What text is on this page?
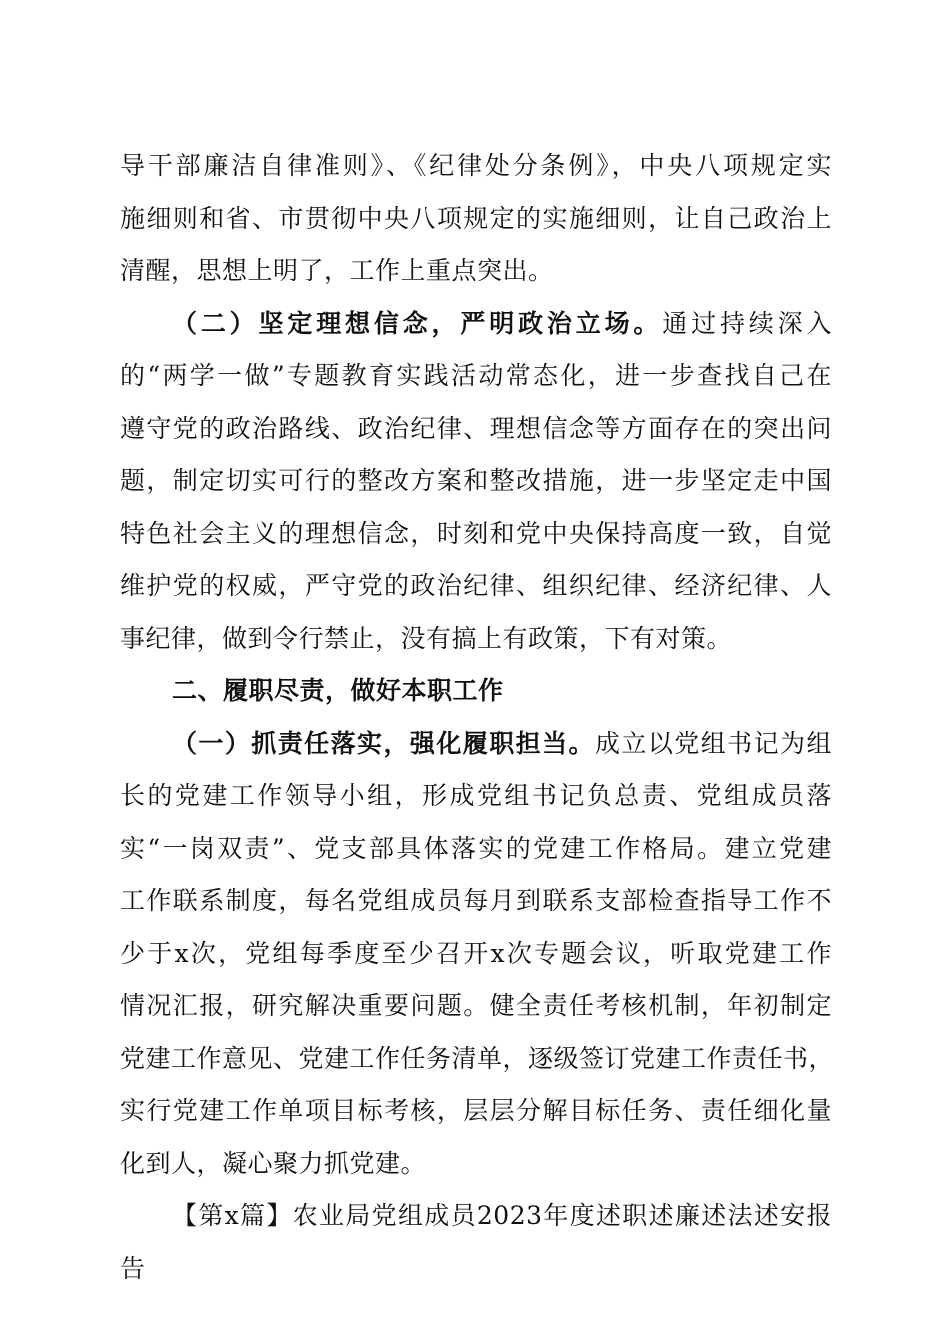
导干部廉洁自律准则》、《纪律处分条例》，中央八项规定实
施细则和省、市贯彻中央八项规定的实施细则，让自己政治上
清醒，思想上明了，工作上重点突出。
（二）坚定理想信念，严明政治立场。通过持续深入
的“两学一做”专题教育实践活动常态化，进一步查找自己在
遵守党的政治路线、政治纪律、理想信念等方面存在的突出问
题，制定切实可行的整改方案和整改措施，进一步坚定走中国
特色社会主义的理想信念，时刻和党中央保持高度一致，自觉
维护党的权威，严守党的政治纪律、组织纪律、经济纪律、人
事纪律，做到令行禁止，没有搞上有政策，下有对策。
二、履职尽责，做好本职工作
（一）抓责任落实，强化履职担当。成立以党组书记为组
长的党建工作领导小组，形成党组书记负总责、党组成员落
实“一岗双责”、党支部具体落实的党建工作格局。建立党建
工作联系制度，每名党组成员每月到联系支部检查指导工作不
少于x次，党组每季度至少召开x次专题会议，听取党建工作
情况汇报，研究解决重要问题。健全责任考核机制，年初制定
党建工作意见、党建工作任务清单，逐级签订党建工作责任书，
实行党建工作单项目标考核，层层分解目标任务、责任细化量
化到人，凝心聚力抓党建。
【第x篇】农业局党组成员2023年度述职述廉述法述安报
告
